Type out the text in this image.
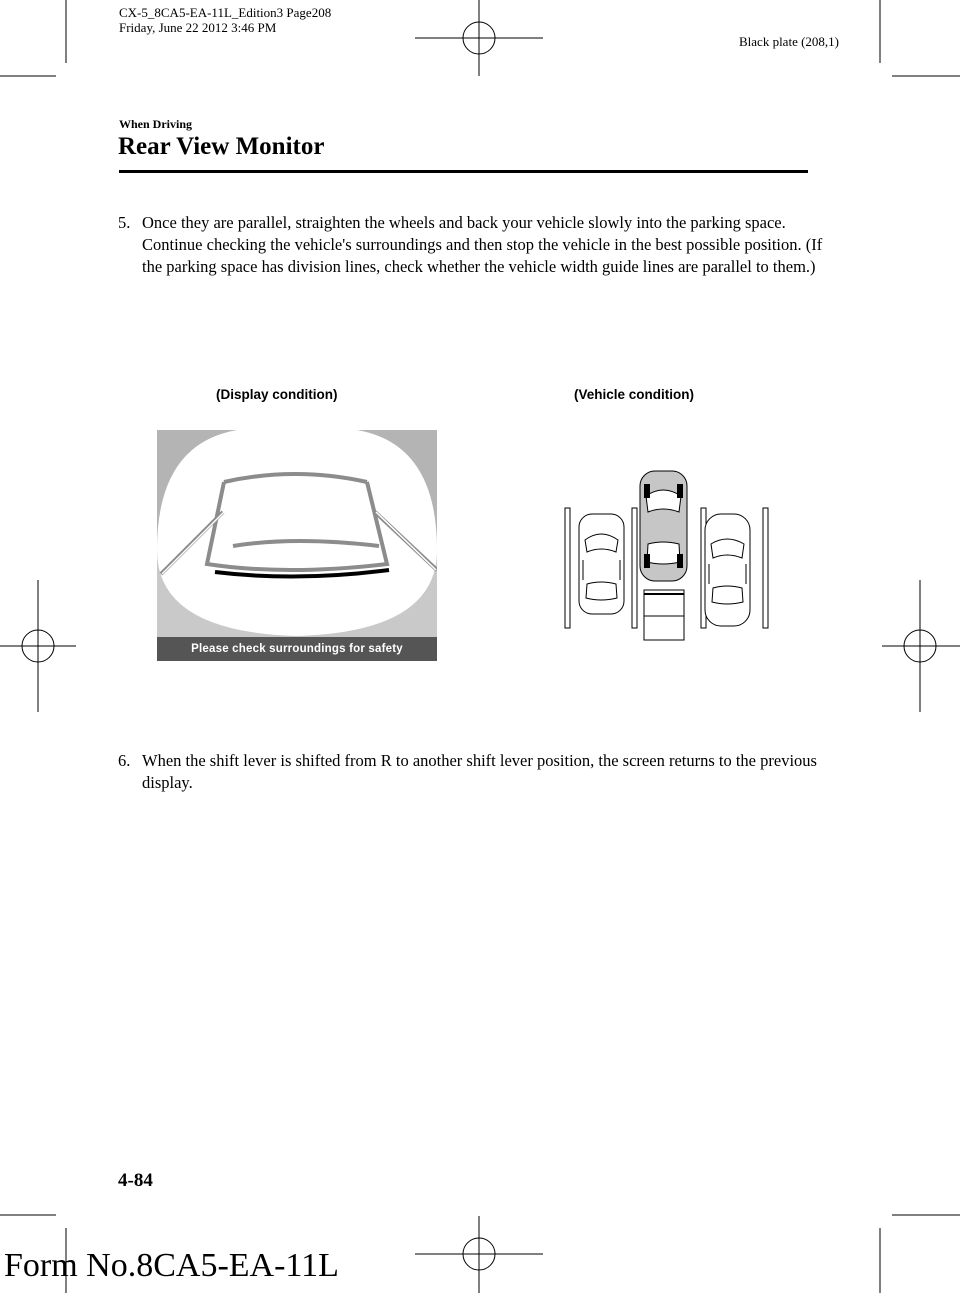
CX-5_8CA5-EA-11L_Edition3 Page208
Friday, June 22 2012 3:46 PM
Black plate (208,1)
When Driving
Rear View Monitor
5. Once they are parallel, straighten the wheels and back your vehicle slowly into the parking space. Continue checking the vehicle's surroundings and then stop the vehicle in the best possible position. (If the parking space has division lines, check whether the vehicle width guide lines are parallel to them.)
(Display condition)	(Vehicle condition)
Please check surroundings for safety
6. When the shift lever is shifted from R to another shift lever position, the screen returns to the previous display.
4-84
Form No.8CA5-EA-11L
